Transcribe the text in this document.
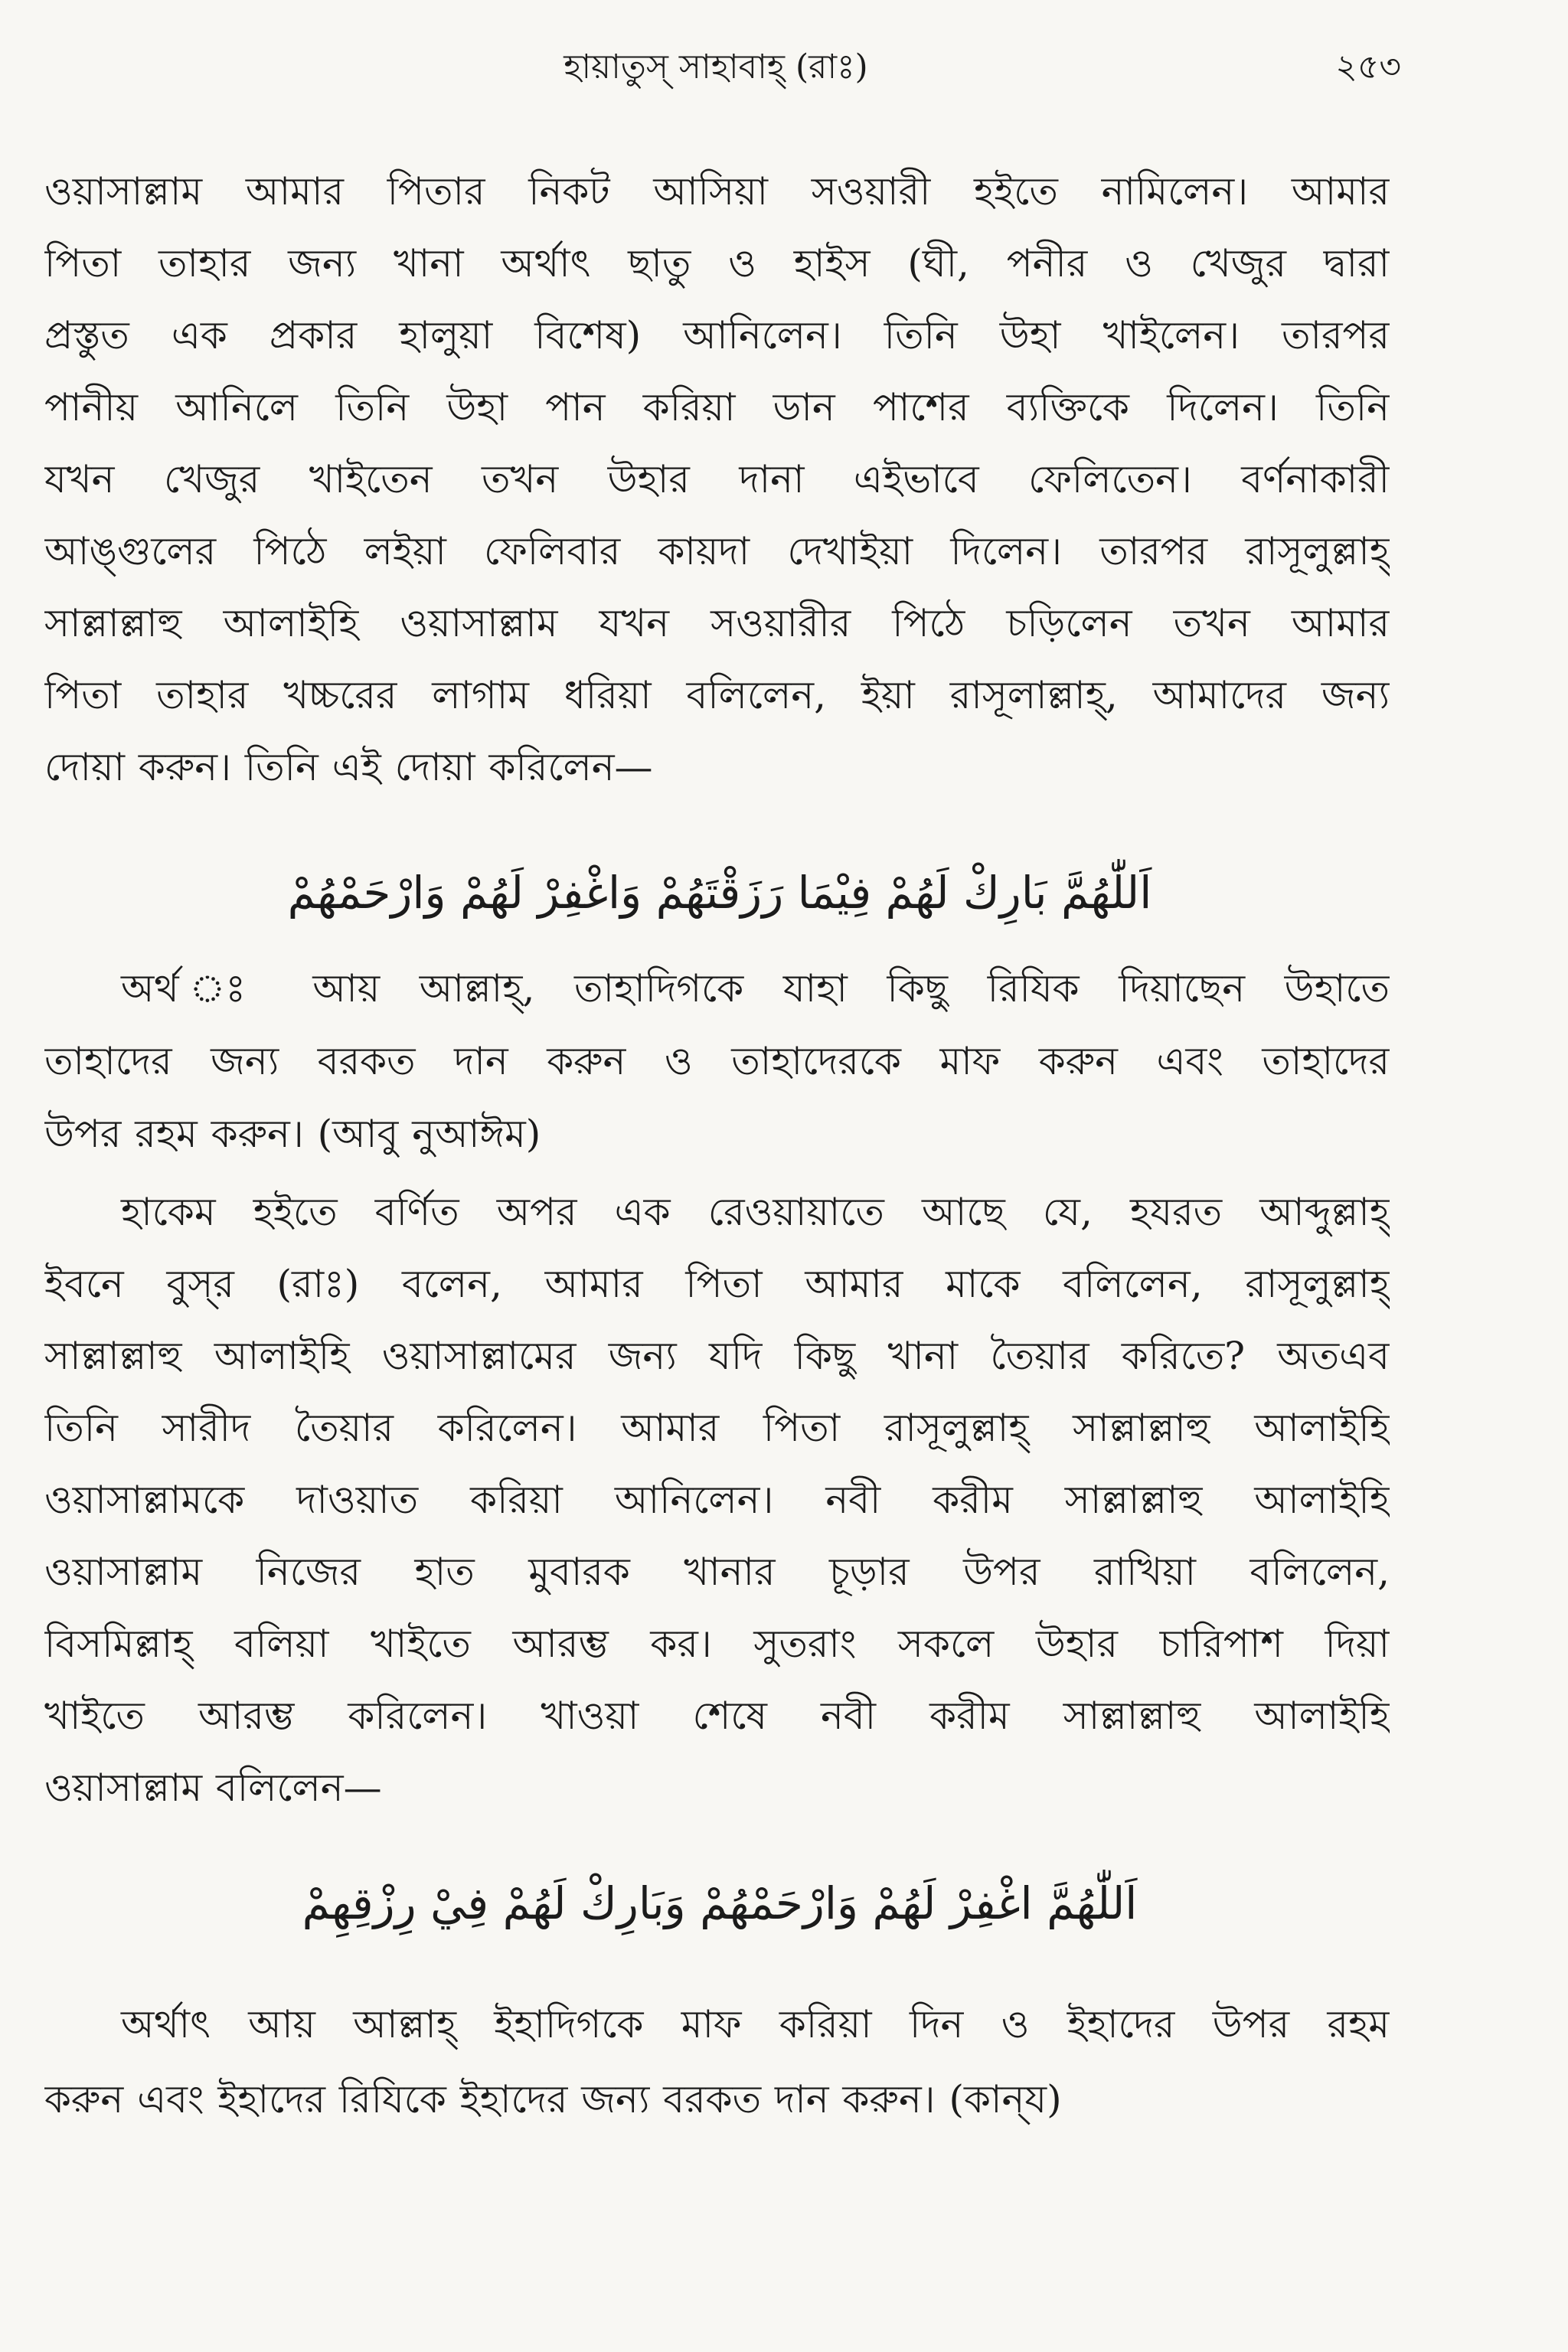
হায়াতুস্ সাহাবাহ্ (রাঃ)	২৫৩
ওয়াসাল্লাম আমার পিতার নিকট আসিয়া সওয়ারী হইতে নামিলেন। আমার
পিতা তাহার জন্য খানা অর্থাৎ ছাতু ও হাইস (ঘী, পনীর ও খেজুর দ্বারা
প্রস্তুত এক প্রকার হালুয়া বিশেষ) আনিলেন। তিনি উহা খাইলেন। তারপর
পানীয় আনিলে তিনি উহা পান করিয়া ডান পাশের ব্যক্তিকে দিলেন। তিনি
যখন খেজুর খাইতেন তখন উহার দানা এইভাবে ফেলিতেন। বর্ণনাকারী
আঙ্গুলের পিঠে লইয়া ফেলিবার কায়দা দেখাইয়া দিলেন। তারপর রাসূলুল্লাহ্
সাল্লাল্লাহু আলাইহি ওয়াসাল্লাম যখন সওয়ারীর পিঠে চড়িলেন তখন আমার
পিতা তাহার খচ্চরের লাগাম ধরিয়া বলিলেন, ইয়া রাসূলাল্লাহ্, আমাদের জন্য
দোয়া করুন। তিনি এই দোয়া করিলেন—
اَللّٰهُمَّ بَارِكْ لَهُمْ فِيْمَا رَزَقْتَهُمْ وَاغْفِرْ لَهُمْ وَارْحَمْهُمْ
অর্থ ঃ আয় আল্লাহ্, তাহাদিগকে যাহা কিছু রিযিক দিয়াছেন উহাতে
তাহাদের জন্য বরকত দান করুন ও তাহাদেরকে মাফ করুন এবং তাহাদের
উপর রহম করুন। (আবু নুআঈম)
হাকেম হইতে বর্ণিত অপর এক রেওয়ায়াতে আছে যে, হযরত আব্দুল্লাহ্
ইবনে বুস্‌র (রাঃ) বলেন, আমার পিতা আমার মাকে বলিলেন, রাসূলুল্লাহ্
সাল্লাল্লাহু আলাইহি ওয়াসাল্লামের জন্য যদি কিছু খানা তৈয়ার করিতে? অতএব
তিনি সারীদ তৈয়ার করিলেন। আমার পিতা রাসূলুল্লাহ্ সাল্লাল্লাহু আলাইহি
ওয়াসাল্লামকে দাওয়াত করিয়া আনিলেন। নবী করীম সাল্লাল্লাহু আলাইহি
ওয়াসাল্লাম নিজের হাত মুবারক খানার চূড়ার উপর রাখিয়া বলিলেন,
বিসমিল্লাহ্ বলিয়া খাইতে আরম্ভ কর। সুতরাং সকলে উহার চারিপাশ দিয়া
খাইতে আরম্ভ করিলেন। খাওয়া শেষে নবী করীম সাল্লাল্লাহু আলাইহি
ওয়াসাল্লাম বলিলেন—
اَللّٰهُمَّ اغْفِرْ لَهُمْ وَارْحَمْهُمْ وَبَارِكْ لَهُمْ فِيْ رِزْقِهِمْ
অর্থাৎ আয় আল্লাহ্ ইহাদিগকে মাফ করিয়া দিন ও ইহাদের উপর রহম
করুন এবং ইহাদের রিযিকে ইহাদের জন্য বরকত দান করুন। (কান্‌য)
